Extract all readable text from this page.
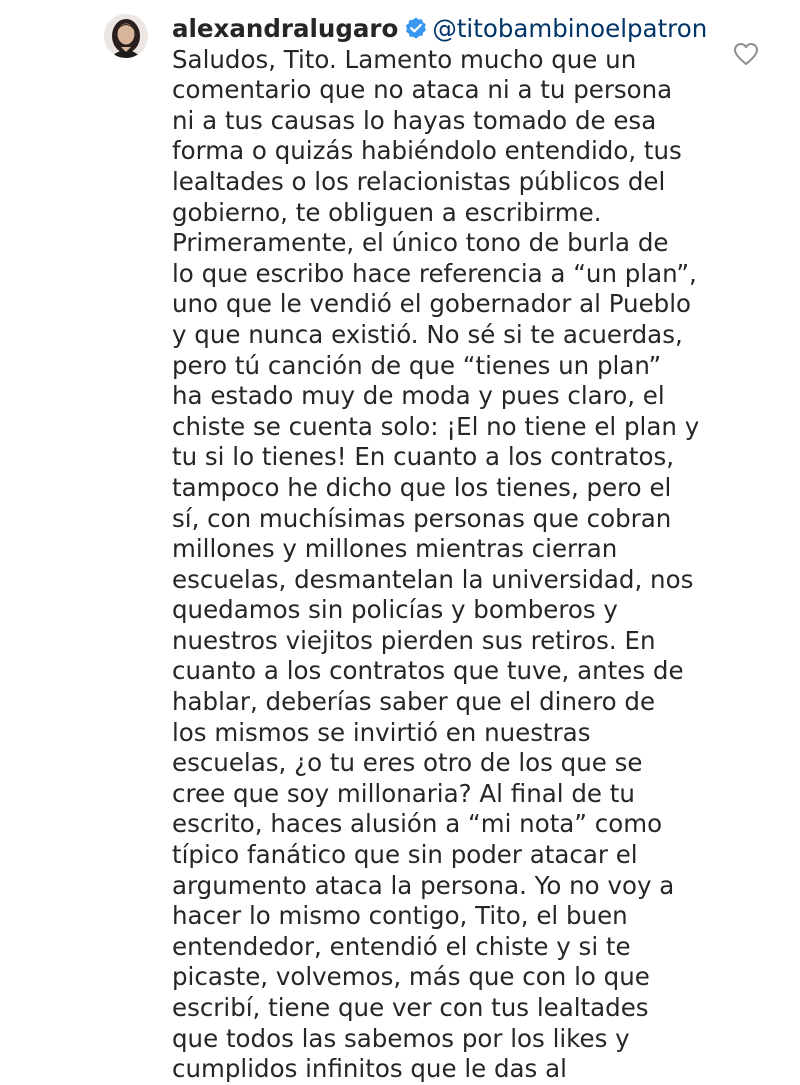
alexandralugaro @titobambinoelpatron
Saludos, Tito. Lamento mucho que un
comentario que no ataca ni a tu persona
ni a tus causas lo hayas tomado de esa
forma o quizás habiéndolo entendido, tus
lealtades o los relacionistas públicos del
gobierno, te obliguen a escribirme.
Primeramente, el único tono de burla de
lo que escribo hace referencia a “un plan”,
uno que le vendió el gobernador al Pueblo
y que nunca existió. No sé si te acuerdas,
pero tú canción de que “tienes un plan”
ha estado muy de moda y pues claro, el
chiste se cuenta solo: ¡El no tiene el plan y
tu si lo tienes! En cuanto a los contratos,
tampoco he dicho que los tienes, pero el
sí, con muchísimas personas que cobran
millones y millones mientras cierran
escuelas, desmantelan la universidad, nos
quedamos sin policías y bomberos y
nuestros viejitos pierden sus retiros. En
cuanto a los contratos que tuve, antes de
hablar, deberías saber que el dinero de
los mismos se invirtió en nuestras
escuelas, ¿o tu eres otro de los que se
cree que soy millonaria? Al final de tu
escrito, haces alusión a “mi nota” como
típico fanático que sin poder atacar el
argumento ataca la persona. Yo no voy a
hacer lo mismo contigo, Tito, el buen
entendedor, entendió el chiste y si te
picaste, volvemos, más que con lo que
escribí, tiene que ver con tus lealtades
que todos las sabemos por los likes y
cumplidos infinitos que le das al
